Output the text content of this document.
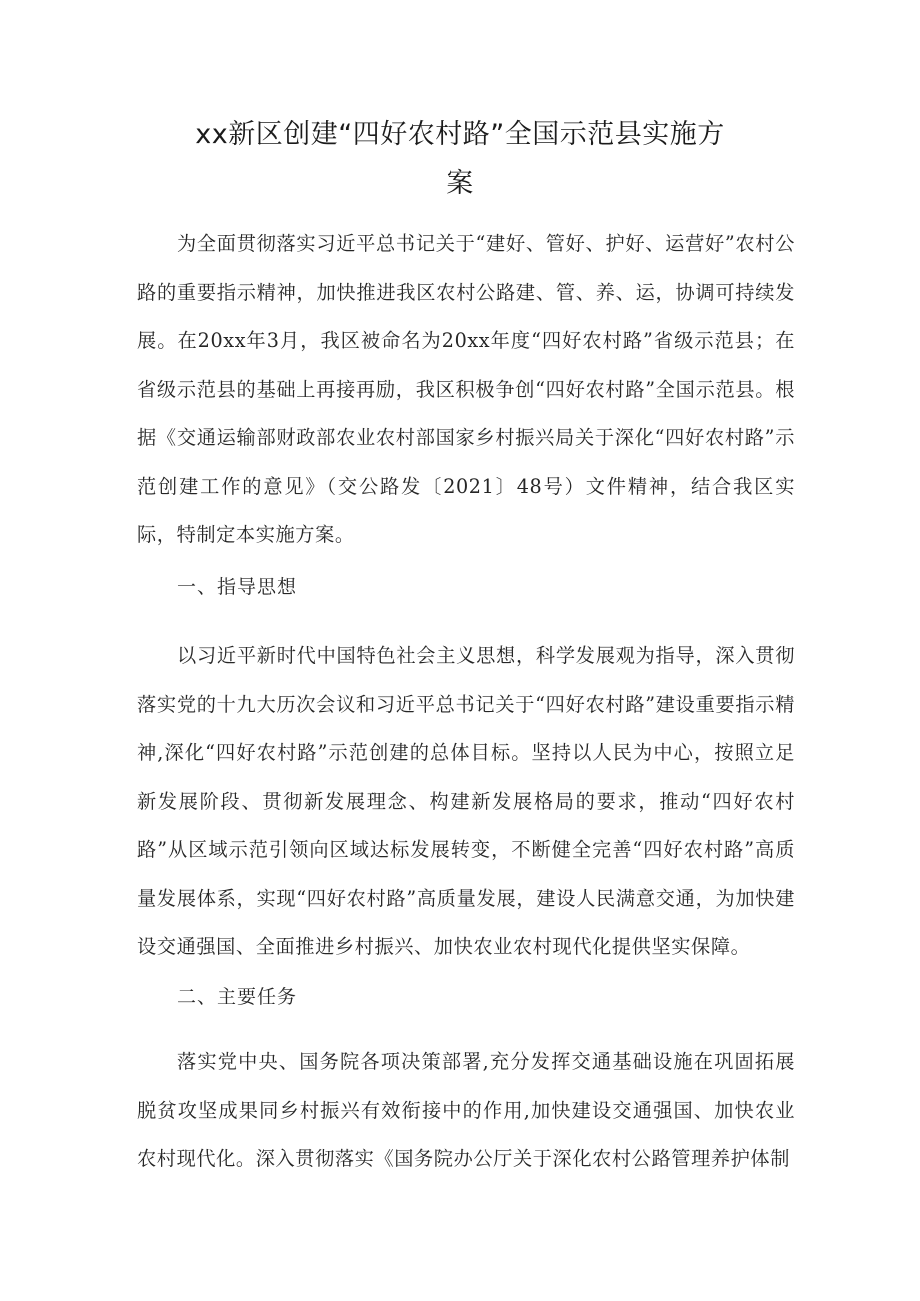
xx新区创建“四好农村路”全国示范县实施方
案

为全面贯彻落实习近平总书记关于“建好、管好、护好、运营好”农村公路的重要指示精神，加快推进我区农村公路建、管、养、运，协调可持续发展。在20xx年3月，我区被命名为20xx年度“四好农村路”省级示范县；在省级示范县的基础上再接再励，我区积极争创“四好农村路”全国示范县。根据《交通运输部财政部农业农村部国家乡村振兴局关于深化“四好农村路”示范创建工作的意见》（交公路发〔2021〕48号）文件精神，结合我区实际，特制定本实施方案。

一、指导思想

以习近平新时代中国特色社会主义思想，科学发展观为指导，深入贯彻落实党的十九大历次会议和习近平总书记关于“四好农村路”建设重要指示精神,深化“四好农村路”示范创建的总体目标。坚持以人民为中心，按照立足新发展阶段、贯彻新发展理念、构建新发展格局的要求，推动“四好农村路”从区域示范引领向区域达标发展转变，不断健全完善“四好农村路”高质量发展体系，实现“四好农村路”高质量发展，建设人民满意交通，为加快建设交通强国、全面推进乡村振兴、加快农业农村现代化提供坚实保障。

二、主要任务

落实党中央、国务院各项决策部署,充分发挥交通基础设施在巩固拓展脱贫攻坚成果同乡村振兴有效衔接中的作用,加快建设交通强国、加快农业农村现代化。深入贯彻落实《国务院办公厅关于深化农村公路管理养护体制
